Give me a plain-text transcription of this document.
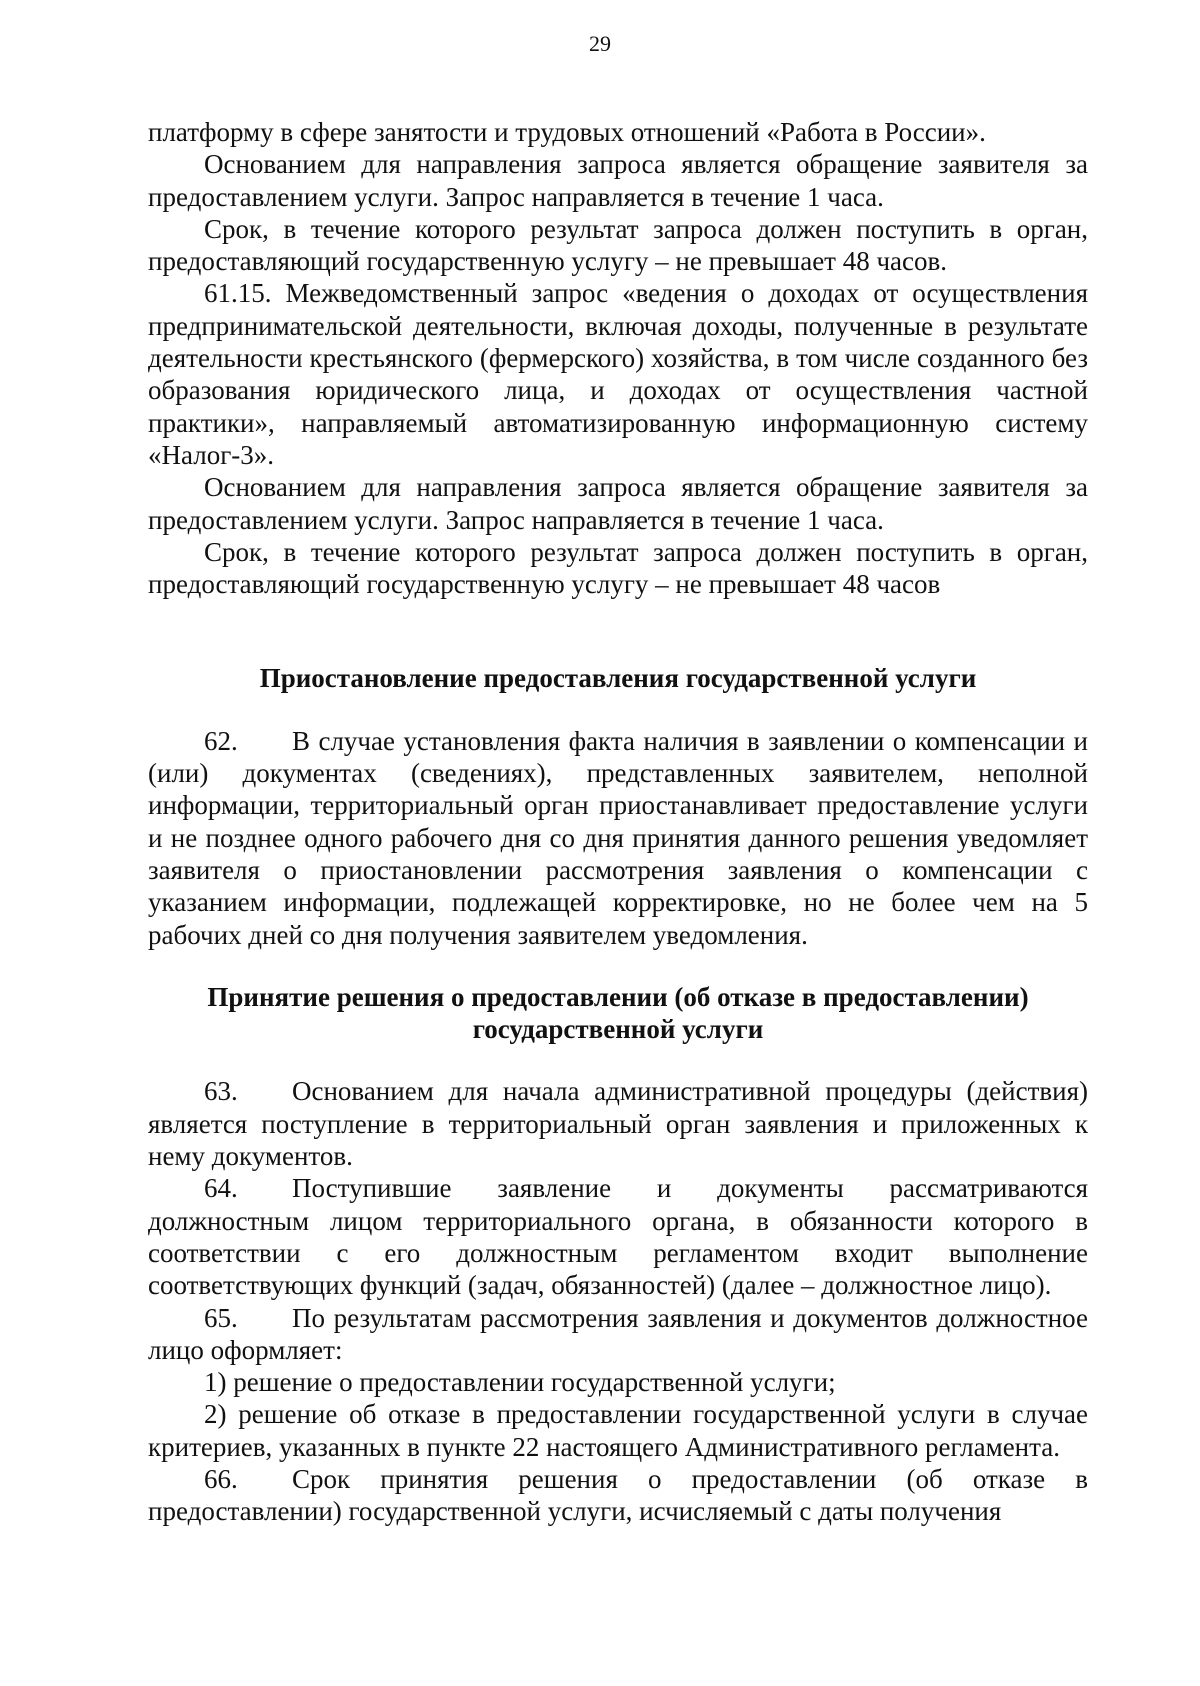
29

платформу в сфере занятости и трудовых отношений «Работа в России».

Основанием для направления запроса является обращение заявителя за предоставлением услуги. Запрос направляется в течение 1 часа.

Срок, в течение которого результат запроса должен поступить в орган, предоставляющий государственную услугу – не превышает 48 часов.

61.15. Межведомственный запрос «ведения о доходах от осуществления предпринимательской деятельности, включая доходы, полученные в результате деятельности крестьянского (фермерского) хозяйства, в том числе созданного без образования юридического лица, и доходах от осуществления частной практики», направляемый автоматизированную информационную систему «Налог-3».

Основанием для направления запроса является обращение заявителя за предоставлением услуги. Запрос направляется в течение 1 часа.

Срок, в течение которого результат запроса должен поступить в орган, предоставляющий государственную услугу – не превышает 48 часов

Приостановление предоставления государственной услуги

62. В случае установления факта наличия в заявлении о компенсации и (или) документах (сведениях), представленных заявителем, неполной информации, территориальный орган приостанавливает предоставление услуги и не позднее одного рабочего дня со дня принятия данного решения уведомляет заявителя о приостановлении рассмотрения заявления о компенсации с указанием информации, подлежащей корректировке, но не более чем на 5 рабочих дней со дня получения заявителем уведомления.

Принятие решения о предоставлении (об отказе в предоставлении)
государственной услуги

63. Основанием для начала административной процедуры (действия) является поступление в территориальный орган заявления и приложенных к нему документов.

64. Поступившие заявление и документы рассматриваются должностным лицом территориального органа, в обязанности которого в соответствии с его должностным регламентом входит выполнение соответствующих функций (задач, обязанностей) (далее – должностное лицо).

65. По результатам рассмотрения заявления и документов должностное лицо оформляет:

1) решение о предоставлении государственной услуги;

2) решение об отказе в предоставлении государственной услуги в случае критериев, указанных в пункте 22 настоящего Административного регламента.

66. Срок принятия решения о предоставлении (об отказе в предоставлении) государственной услуги, исчисляемый с даты получения
